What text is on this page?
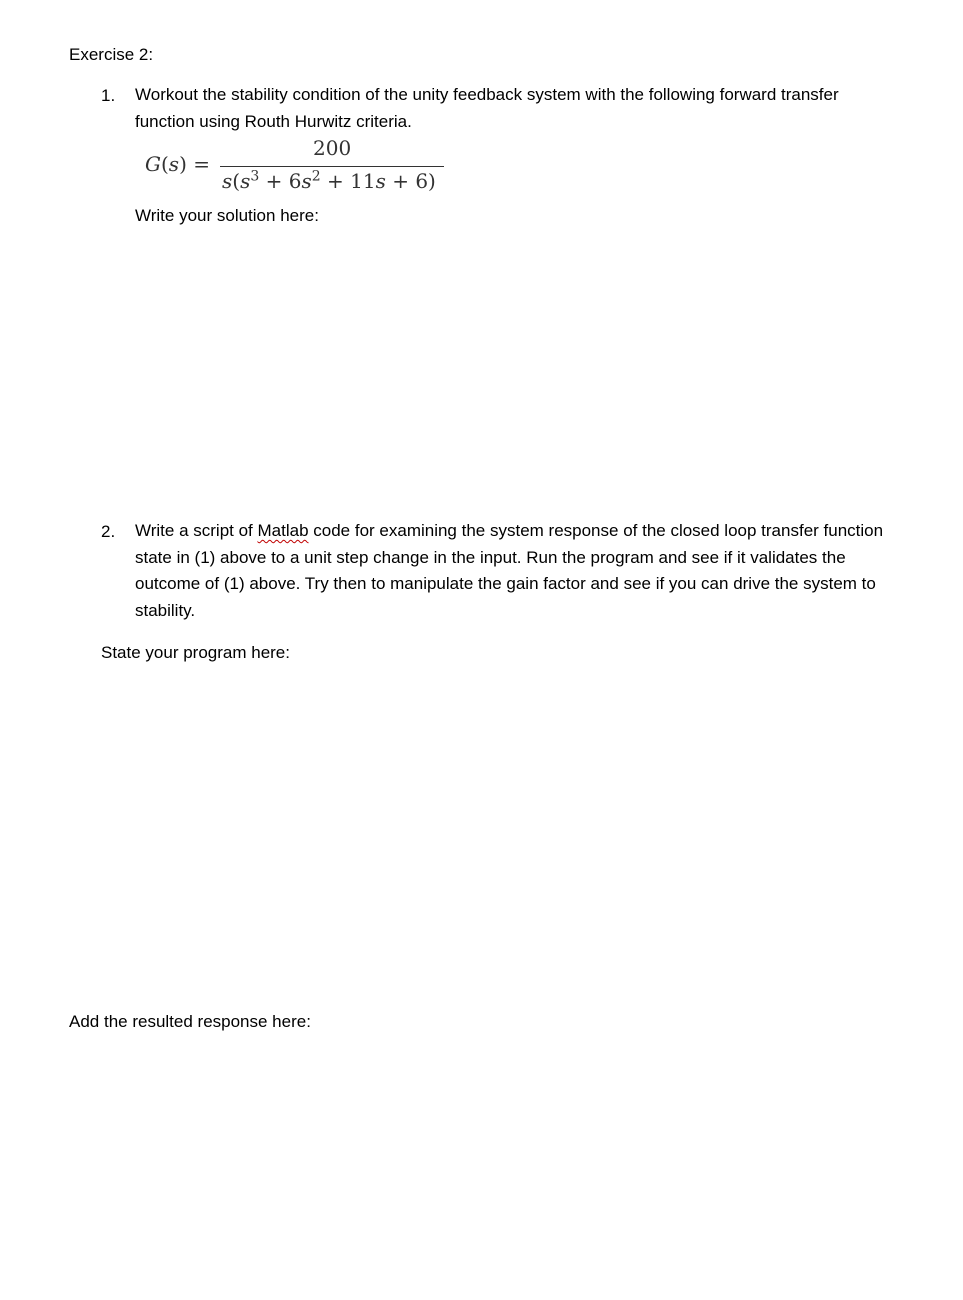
Exercise 2:
1.	Workout the stability condition of the unity feedback system with the following forward transfer function using Routh Hurwitz criteria.
G(s) =
200
$s(s^3 + 6s^2 + 11s + 6)$
Write your solution here:
2.	Write a script of Matlab code for examining the system response of the closed loop transfer function state in (1) above to a unit step change in the input. Run the program and see if it validates the outcome of (1) above. Try then to manipulate the gain factor and see if you can drive the system to stability.
State your program here:
Add the resulted response here:
